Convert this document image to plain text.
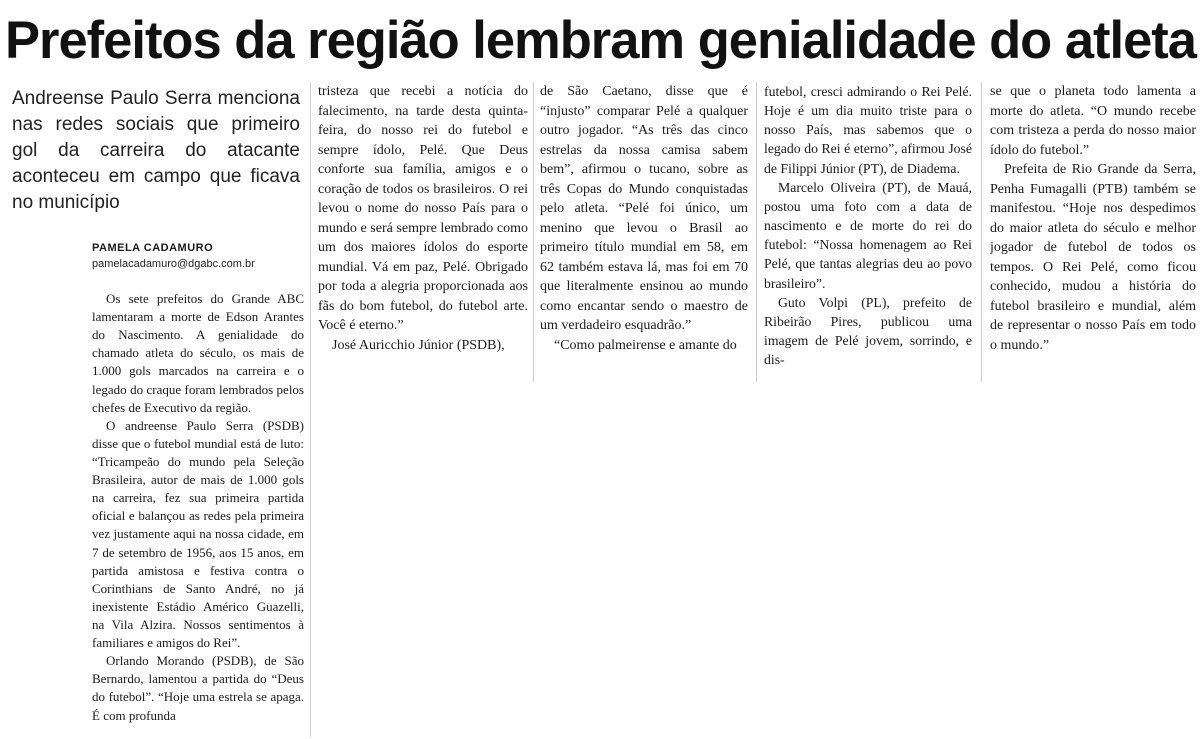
Prefeitos da região lembram genialidade do atleta
Andreense Paulo Serra menciona nas redes sociais que primeiro gol da carreira do atacante aconteceu em campo que ficava no município
PAMELA CADAMURO
pamelacadamuro@dgabc.com.br

Os sete prefeitos do Grande ABC lamentaram a morte de Edson Arantes do Nascimento. A genialidade do chamado atleta do século, os mais de 1.000 gols marcados na carreira e o legado do craque foram lembrados pelos chefes de Executivo da região.

O andreense Paulo Serra (PSDB) disse que o futebol mundial está de luto: “Tricampeão do mundo pela Seleção Brasileira, autor de mais de 1.000 gols na carreira, fez sua primeira partida oficial e balançou as redes pela primeira vez justamente aqui na nossa cidade, em 7 de setembro de 1956, aos 15 anos, em partida amistosa e festiva contra o Corinthians de Santo André, no já inexistente Estádio Américo Guazelli, na Vila Alzira. Nossos sentimentos à familiares e amigos do Rei”.

Orlando Morando (PSDB), de São Bernardo, lamentou a partida do “Deus do futebol”. “Hoje uma estrela se apaga. É com profunda

tristeza que recebi a notícia do falecimento, na tarde desta quinta-feira, do nosso rei do futebol e sempre ídolo, Pelé. Que Deus conforte sua família, amigos e o coração de todos os brasileiros. O rei levou o nome do nosso País para o mundo e será sempre lembrado como um dos maiores ídolos do esporte mundial. Vá em paz, Pelé. Obrigado por toda a alegria proporcionada aos fãs do bom futebol, do futebol arte. Você é eterno.”

José Auricchio Júnior (PSDB),

de São Caetano, disse que é “injusto” comparar Pelé a qualquer outro jogador. “As três das cinco estrelas da nossa camisa sabem bem”, afirmou o tucano, sobre as três Copas do Mundo conquistadas pelo atleta. “Pelé foi único, um menino que levou o Brasil ao primeiro título mundial em 58, em 62 também estava lá, mas foi em 70 que literalmente ensinou ao mundo como encantar sendo o maestro de um verdadeiro esquadrão.”

“Como palmeirense e amante do

futebol, cresci admirando o Rei Pelé. Hoje é um dia muito triste para o nosso País, mas sabemos que o legado do Rei é eterno”, afirmou José de Filippi Júnior (PT), de Diadema.

Marcelo Oliveira (PT), de Mauá, postou uma foto com a data de nascimento e de morte do rei do futebol: “Nossa homenagem ao Rei Pelé, que tantas alegrias deu ao povo brasileiro”.

Guto Volpi (PL), prefeito de Ribeirão Pires, publicou uma imagem de Pelé jovem, sorrindo, e dis-

se que o planeta todo lamenta a morte do atleta. “O mundo recebe com tristeza a perda do nosso maior ídolo do futebol.”

Prefeita de Rio Grande da Serra, Penha Fumagalli (PTB) também se manifestou. “Hoje nos despedimos do maior atleta do século e melhor jogador de futebol de todos os tempos. O Rei Pelé, como ficou conhecido, mudou a história do futebol brasileiro e mundial, além de representar o nosso País em todo o mundo.”
